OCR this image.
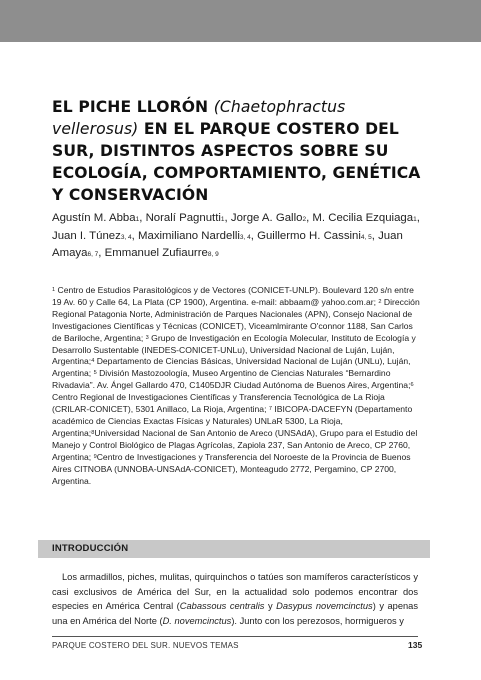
EL PICHE LLORÓN (Chaetophractus vellerosus) EN EL PARQUE COSTERO DEL SUR, DISTINTOS ASPECTOS SOBRE SU ECOLOGÍA, COMPORTAMIENTO, GENÉTICA Y CONSERVACIÓN
Agustín M. Abba$^1$, Noralí Pagnutti$^1$, Jorge A. Gallo$^2$, M. Cecilia Ezquiaga$^1$, Juan I. Túnez$^{3, 4}$, Maximiliano Nardelli$^{3, 4}$, Guillermo H. Cassini$^{4, 5}$, Juan Amaya$^{6, 7}$, Emmanuel Zufiaurre$^{8, 9}$
$^1$ Centro de Estudios Parasitológicos y de Vectores (CONICET-UNLP). Boulevard 120 s/n entre 19 Av. 60 y Calle 64, La Plata (CP 1900), Argentina. e-mail: abbaam@ yahoo.com.ar; $^2$ Dirección Regional Patagonia Norte, Administración de Parques Nacionales (APN), Consejo Nacional de Investigaciones Científicas y Técnicas (CONICET), Viceamlmirante O'connor 1188, San Carlos de Bariloche, Argentina; $^3$ Grupo de Investigación en Ecología Molecular, Instituto de Ecología y Desarrollo Sustentable (INEDES-CONICET-UNLu), Universidad Nacional de Luján, Luján, Argentina;$^4$ Departamento de Ciencias Básicas, Universidad Nacional de Luján (UNLu), Luján, Argentina; $^5$ División Mastozoología, Museo Argentino de Ciencias Naturales “Bernardino Rivadavia”. Av. Ángel Gallardo 470, C1405DJR Ciudad Autónoma de Buenos Aires, Argentina;$^6$ Centro Regional de Investigaciones Científicas y Transferencia Tecnológica de La Rioja (CRILAR-CONICET), 5301 Anillaco, La Rioja, Argentina; $^7$ IBICOPA-DACEFYN (Departamento académico de Ciencias Exactas Físicas y Naturales) UNLaR 5300, La Rioja, Argentina;$^8$Universidad Nacional de San Antonio de Areco (UNSAdA), Grupo para el Estudio del Manejo y Control Biológico de Plagas Agrícolas, Zapiola 237, San Antonio de Areco, CP 2760, Argentina; $^9$Centro de Investigaciones y Transferencia del Noroeste de la Provincia de Buenos Aires CITNOBA (UNNOBA-UNSAdA-CONICET), Monteagudo 2772, Pergamino, CP 2700, Argentina.
INTRODUCCIÓN

Los armadillos, piches, mulitas, quirquinchos o tatúes son mamíferos característicos y casi exclusivos de América del Sur, en la actualidad solo podemos encontrar dos especies en América Central (Cabassous centralis y Dasypus novemcinctus) y apenas una en América del Norte (D. novemcinctus). Junto con los perezosos, hormigueros y

PARQUE COSTERO DEL SUR. NUEVOS TEMAS	135
